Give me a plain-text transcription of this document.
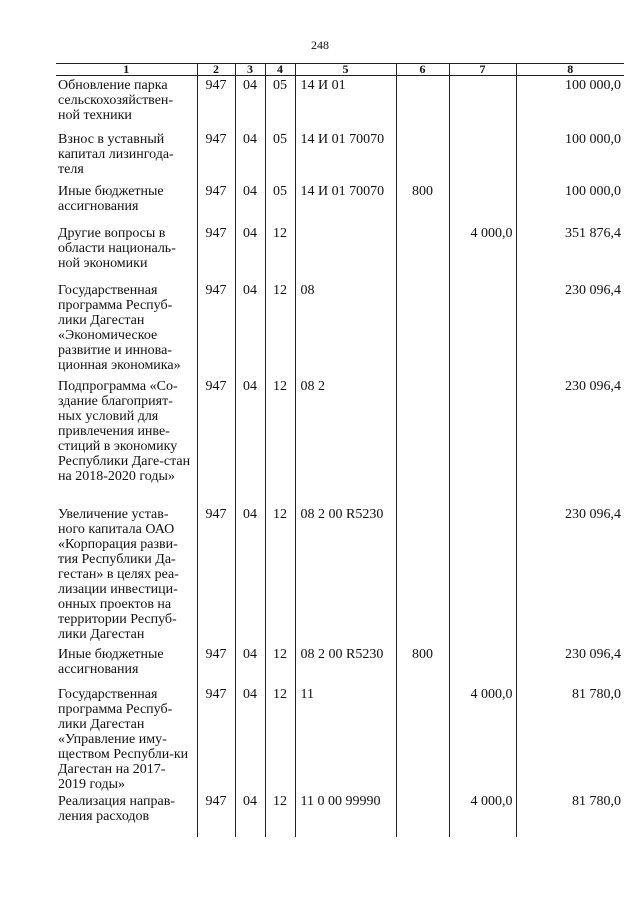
248
1	2	3	4	5	6	7	8
Обновление парка сельскохозяйствен-ной техники	947	04	05	14 И 01			100 000,0
Взнос в уставный капитал лизингода-теля	947	04	05	14 И 01 70070			100 000,0
Иные бюджетные ассигнования	947	04	05	14 И 01 70070	800		100 000,0
Другие вопросы в области националь-ной экономики	947	04	12			4 000,0	351 876,4
Государственная программа Респуб-лики Дагестан «Экономическое развитие и иннова-ционная экономика»	947	04	12	08			230 096,4
Подпрограмма «Со-здание благоприят-ных условий для привлечения инве-стиций в экономику Республики Даге-стан на 2018-2020 годы»	947	04	12	08 2			230 096,4
Увеличение устав-ного капитала ОАО «Корпорация разви-тия Республики Да-гестан» в целях реа-лизации инвестици-онных проектов на территории Респуб-лики Дагестан	947	04	12	08 2 00 R5230			230 096,4
Иные бюджетные ассигнования	947	04	12	08 2 00 R5230	800		230 096,4
Государственная программа Респуб-лики Дагестан «Управление иму-ществом Республи-ки Дагестан на 2017-2019 годы»	947	04	12	11		4 000,0	81 780,0
Реализация направ-ления расходов	947	04	12	11 0 00 99990		4 000,0	81 780,0
